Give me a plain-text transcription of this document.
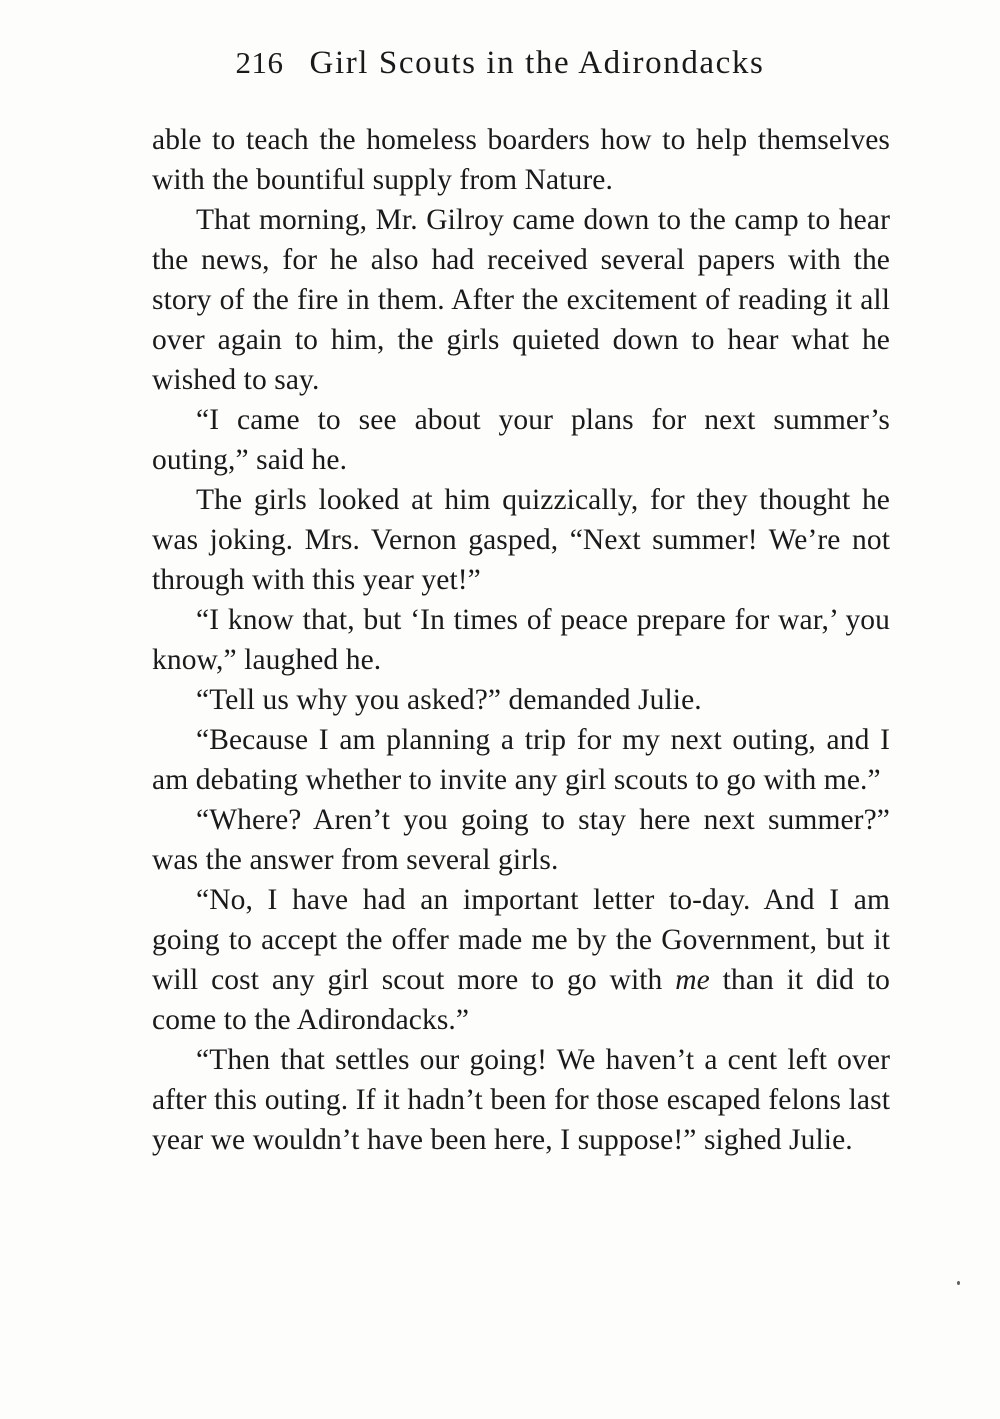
216 Girl Scouts in the Adirondacks

able to teach the homeless boarders how to help themselves with the bountiful supply from Nature.

That morning, Mr. Gilroy came down to the camp to hear the news, for he also had received several papers with the story of the fire in them. After the excitement of reading it all over again to him, the girls quieted down to hear what he wished to say.

“I came to see about your plans for next summer’s outing,” said he.

The girls looked at him quizzically, for they thought he was joking. Mrs. Vernon gasped, “Next summer! We’re not through with this year yet!”

“I know that, but ‘In times of peace prepare for war,’ you know,” laughed he.

“Tell us why you asked?” demanded Julie.

“Because I am planning a trip for my next outing, and I am debating whether to invite any girl scouts to go with me.”

“Where? Aren’t you going to stay here next summer?” was the answer from several girls.

“No, I have had an important letter to-day. And I am going to accept the offer made me by the Government, but it will cost any girl scout more to go with me than it did to come to the Adirondacks.”

“Then that settles our going! We haven’t a cent left over after this outing. If it hadn’t been for those escaped felons last year we wouldn’t have been here, I suppose!” sighed Julie.
